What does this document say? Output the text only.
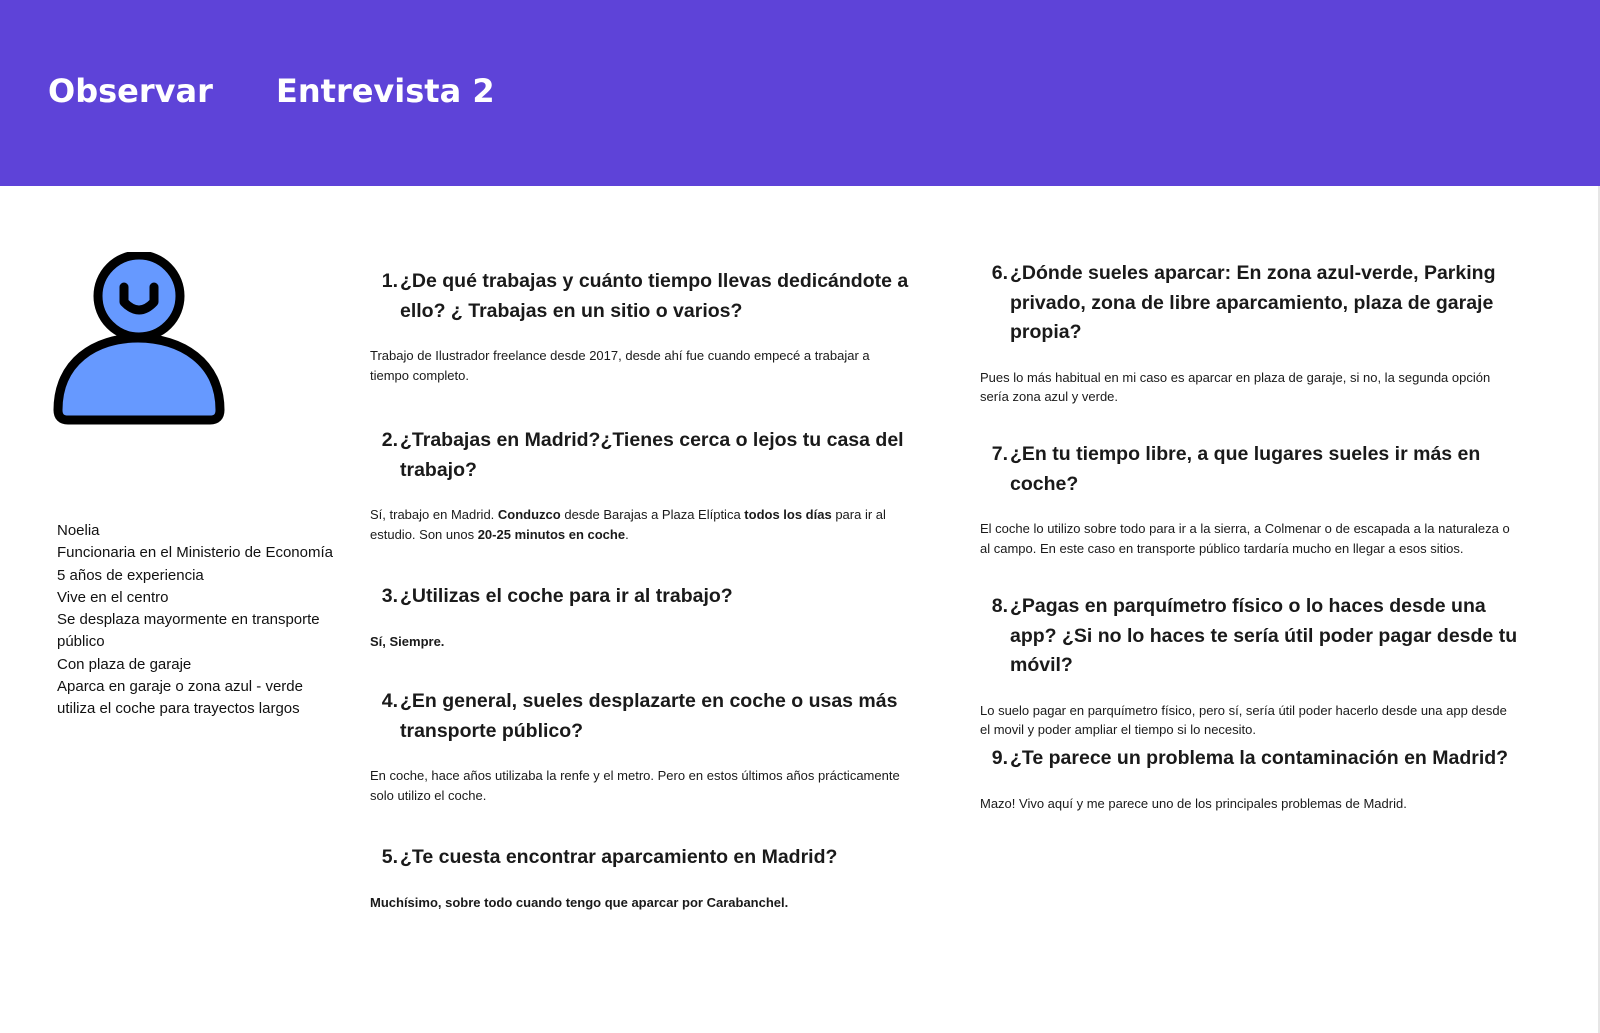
Observar Entrevista 2
Noelia
Funcionaria en el Ministerio de Economía
5 años de experiencia
Vive en el centro
Se desplaza mayormente en transporte público
Con plaza de garaje
Aparca en garaje o zona azul - verde
utiliza el coche para trayectos largos
1. ¿De qué trabajas y cuánto tiempo llevas dedicándote a ello? ¿ Trabajas en un sitio o varios?
Trabajo de Ilustrador freelance desde 2017, desde ahí fue cuando empecé a trabajar a tiempo completo.
2. ¿Trabajas en Madrid?¿Tienes cerca o lejos tu casa del trabajo?
Sí, trabajo en Madrid. Conduzco desde Barajas a Plaza Elíptica todos los días para ir al estudio. Son unos 20-25 minutos en coche.
3. ¿Utilizas el coche para ir al trabajo?
Sí, Siempre.
4. ¿En general, sueles desplazarte en coche o usas más transporte público?
En coche, hace años utilizaba la renfe y el metro. Pero en estos últimos años prácticamente solo utilizo el coche.
5. ¿Te cuesta encontrar aparcamiento en Madrid?
Muchísimo, sobre todo cuando tengo que aparcar por Carabanchel.
6. ¿Dónde sueles aparcar: En zona azul-verde, Parking privado, zona de libre aparcamiento, plaza de garaje propia?
Pues lo más habitual en mi caso es aparcar en plaza de garaje, si no, la segunda opción sería zona azul y verde.
7. ¿En tu tiempo libre, a que lugares sueles ir más en coche?
El coche lo utilizo sobre todo para ir a la sierra, a Colmenar o de escapada a la naturaleza o al campo. En este caso en transporte público tardaría mucho en llegar a esos sitios.
8. ¿Pagas en parquímetro físico o lo haces desde una app? ¿Si no lo haces te sería útil poder pagar desde tu móvil?
Lo suelo pagar en parquímetro físico, pero sí, sería útil poder hacerlo desde una app desde el movil y poder ampliar el tiempo si lo necesito.
9. ¿Te parece un problema la contaminación en Madrid?
Mazo! Vivo aquí y me parece uno de los principales problemas de Madrid.
